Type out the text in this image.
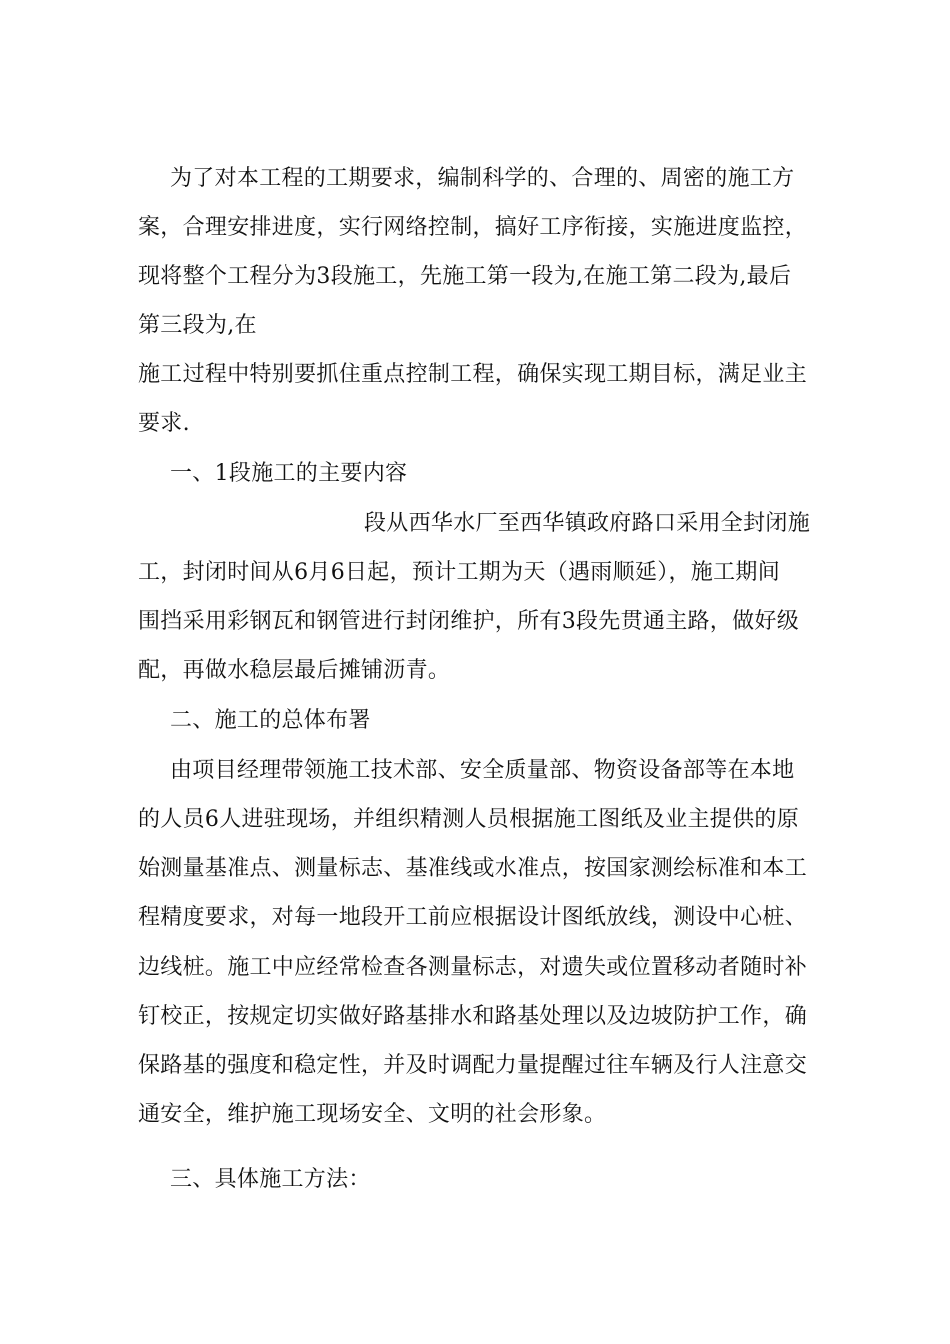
为了对本工程的工期要求，编制科学的、合理的、周密的施工方
案，合理安排进度，实行网络控制，搞好工序衔接，实施进度监控，
现将整个工程分为3段施工，先施工第一段为,在施工第二段为,最后
第三段为,在
施工过程中特别要抓住重点控制工程，确保实现工期目标，满足业主
要求.
一、1段施工的主要内容
段从西华水厂至西华镇政府路口采用全封闭施
工，封闭时间从6月6日起，预计工期为天（遇雨顺延），施工期间
围挡采用彩钢瓦和钢管进行封闭维护，所有3段先贯通主路，做好级
配，再做水稳层最后摊铺沥青。
二、施工的总体布署
由项目经理带领施工技术部、安全质量部、物资设备部等在本地
的人员6人进驻现场，并组织精测人员根据施工图纸及业主提供的原
始测量基准点、测量标志、基准线或水准点，按国家测绘标准和本工
程精度要求，对每一地段开工前应根据设计图纸放线，测设中心桩、
边线桩。施工中应经常检查各测量标志，对遗失或位置移动者随时补
钉校正，按规定切实做好路基排水和路基处理以及边坡防护工作，确
保路基的强度和稳定性，并及时调配力量提醒过往车辆及行人注意交
通安全，维护施工现场安全、文明的社会形象。
三、具体施工方法：
